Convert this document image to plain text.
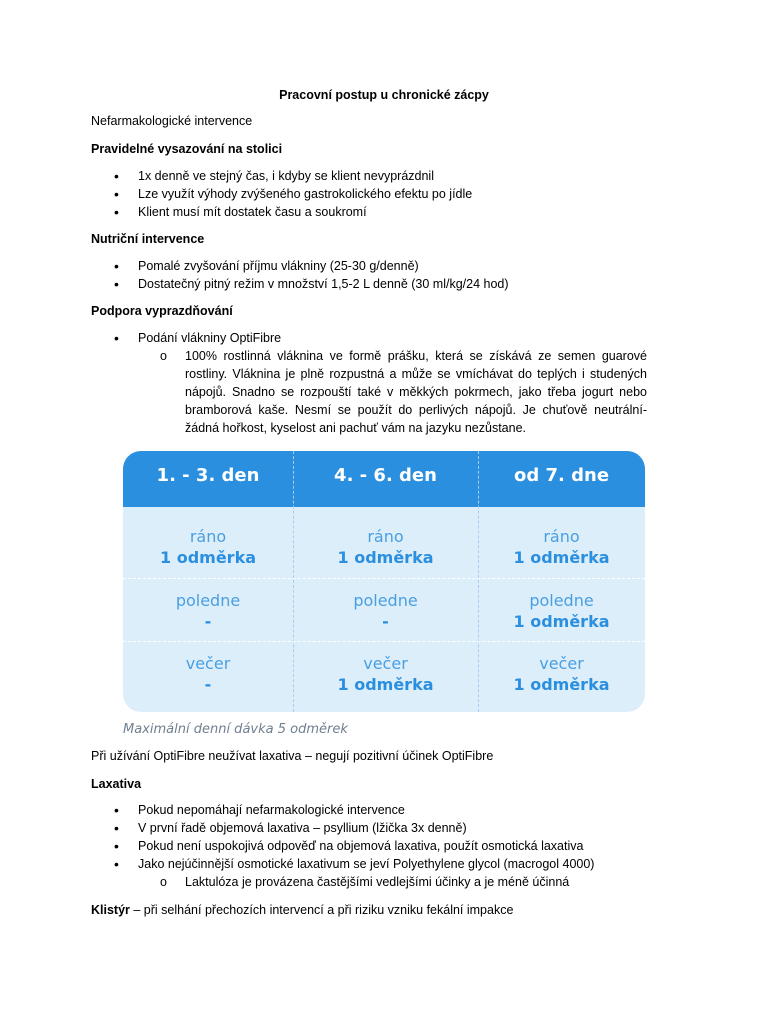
Pracovní postup u chronické zácpy
Nefarmakologické intervence
Pravidelné vysazování na stolici
• 1x denně ve stejný čas, i kdyby se klient nevyprázdnil
• Lze využít výhody zvýšeného gastrokolického efektu po jídle
• Klient musí mít dostatek času a soukromí
Nutriční intervence
• Pomalé zvyšování příjmu vlákniny (25-30 g/denně)
• Dostatečný pitný režim v množství 1,5-2 L denně (30 ml/kg/24 hod)
Podpora vyprazdňování
• Podání vlákniny OptiFibre
o 100% rostlinná vláknina ve formě prášku, která se získává ze semen guarové rostliny. Vláknina je plně rozpustná a může se vmíchávat do teplých i studených nápojů. Snadno se rozpouští také v měkkých pokrmech, jako třeba jogurt nebo bramborová kaše. Nesmí se použít do perlivých nápojů. Je chuťově neutrální- žádná hořkost, kyselost ani pachuť vám na jazyku nezůstane.
1. - 3. den
ráno
1 odměrka
poledne
-
večer
-
4. - 6. den
ráno
1 odměrka
poledne
-
večer
1 odměrka
od 7. dne
ráno
1 odměrka
poledne
1 odměrka
večer
1 odměrka
Maximální denní dávka 5 odměrek
Při užívání OptiFibre neužívat laxativa – negují pozitivní účinek OptiFibre
Laxativa
• Pokud nepomáhají nefarmakologické intervence
• V první řadě objemová laxativa – psyllium (lžička 3x denně)
• Pokud není uspokojivá odpověď na objemová laxativa, použít osmotická laxativa
• Jako nejúčinnější osmotické laxativum se jeví Polyethylene glycol (macrogol 4000)
o Laktulóza je provázena častějšími vedlejšími účinky a je méně účinná
Klistýr – při selhání přechozích intervencí a při riziku vzniku fekální impakce
